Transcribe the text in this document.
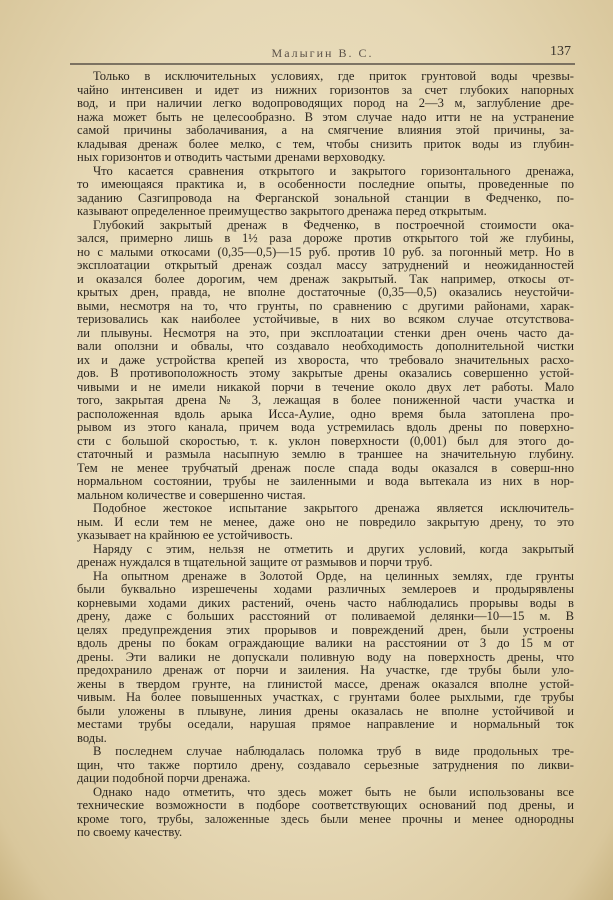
Малыгин В. С.	137
Только в исключительных условиях, где приток грунтовой воды чрезвы-
чайно интенсивен и идет из нижних горизонтов за счет глубоких напорных
вод, и при наличии легко водопроводящих пород на 2—3 м, заглубление дре-
нажа может быть не целесообразно. В этом случае надо итти не на устранение
самой причины заболачивания, а на смягчение влияния этой причины, за-
кладывая дренаж более мелко, с тем, чтобы снизить приток воды из глубин-
ных горизонтов и отводить частыми дренами верховодку.
Что касается сравнения открытого и закрытого горизонтального дренажа,
то имеющаяся практика и, в особенности последние опыты, проведенные по
заданию Сазгипровода на Ферганской зональной станции в Федченко, по-
казывают определенное преимущество закрытого дренажа перед открытым.
Глубокий закрытый дренаж в Федченко, в построечной стоимости ока-
зался, примерно лишь в 1½ раза дороже против открытого той же глубины,
но с малыми откосами (0,35—0,5)—15 руб. против 10 руб. за погонный метр. Но в
эксплоатации открытый дренаж создал массу затруднений и неожиданностей
и оказался более дорогим, чем дренаж закрытый. Так например, откосы от-
крытых дрен, правда, не вполне достаточные (0,35—0,5) оказались неустойчи-
выми, несмотря на то, что грунты, по сравнению с другими районами, харак-
теризовались как наиболее устойчивые, в них во всяком случае отсутствова-
ли плывуны. Несмотря на это, при эксплоатации стенки дрен очень часто да-
вали оползни и обвалы, что создавало необходимость дополнительной чистки
их и даже устройства крепей из хвороста, что требовало значительных расхо-
дов. В противоположность этому закрытые дрены оказались совершенно устой-
чивыми и не имели никакой порчи в течение около двух лет работы. Мало
того, закрытая дрена № 3, лежащая в более пониженной части участка и
расположенная вдоль арыка Исса-Аулие, одно время была затоплена про-
рывом из этого канала, причем вода устремилась вдоль дрены по поверхно-
сти с большой скоростью, т. к. уклон поверхности (0,001) был для этого до-
статочный и размыла насыпную землю в траншее на значительную глубину.
Тем не менее трубчатый дренаж после спада воды оказался в соверш-нно
нормальном состоянии, трубы не заиленными и вода вытекала из них в нор-
мальном количестве и совершенно чистая.
Подобное жестокое испытание закрытого дренажа является исключитель-
ным. И если тем не менее, даже оно не повредило закрытую дрену, то это
указывает на крайнюю ее устойчивость.
Наряду с этим, нельзя не отметить и других условий, когда закрытый
дренаж нуждался в тщательной защите от размывов и порчи труб.
На опытном дренаже в Золотой Орде, на целинных землях, где грунты
были буквально изрешечены ходами различных землероев и продырявлены
корневыми ходами диких растений, очень часто наблюдались прорывы воды в
дрену, даже с больших расстояний от поливаемой делянки—10—15 м. В
целях предупреждения этих прорывов и повреждений дрен, были устроены
вдоль дрены по бокам ограждающие валики на расстоянии от 3 до 15 м от
дрены. Эти валики не допускали поливную воду на поверхность дрены, что
предохранило дренаж от порчи и заиления. На участке, где трубы были уло-
жены в твердом грунте, на глинистой массе, дренаж оказался вполне устой-
чивым. На более повышенных участках, с грунтами более рыхлыми, где трубы
были уложены в плывуне, линия дрены оказалась не вполне устойчивой и
местами трубы оседали, нарушая прямое направление и нормальный ток
воды.
В последнем случае наблюдалась поломка труб в виде продольных тре-
щин, что также портило дрену, создавало серьезные затруднения по ликви-
дации подобной порчи дренажа.
Однако надо отметить, что здесь может быть не были использованы все
технические возможности в подборе соответствующих оснований под дрены, и
кроме того, трубы, заложенные здесь были менее прочны и менее однородны
по своему качеству.
